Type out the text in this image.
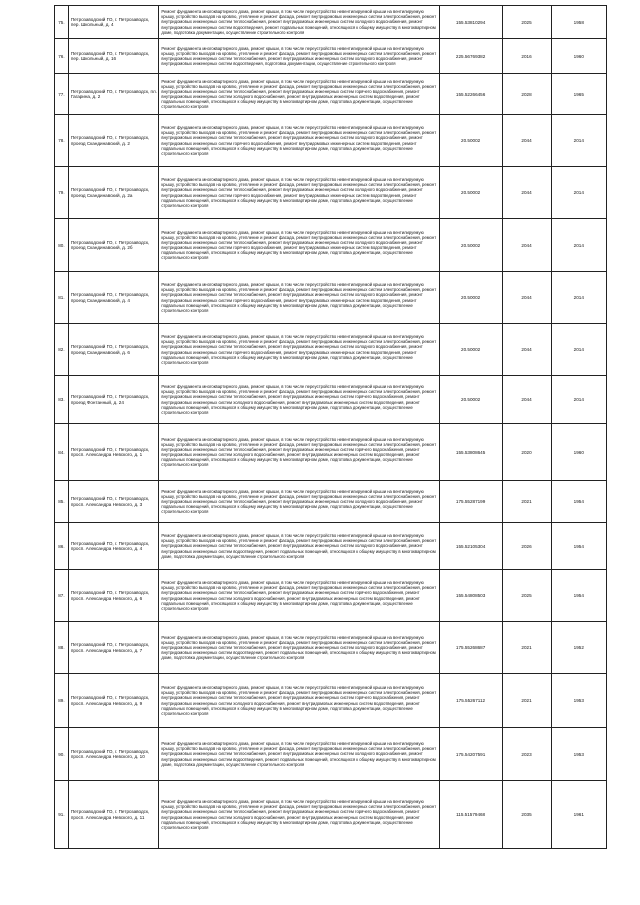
75.	Петрозаводский ГО, г. Петрозаводск, пер. Школьный, д. 4	Ремонт фундамента многоквартирного дома, ремонт крыши, в том числе переустройство невентилируемой крыши на вентилируемую крышу, устройство выходов на кровлю, утепление и ремонт фасада, ремонт внутридомовых инженерных систем электроснабжения, ремонт внутридомовых инженерных систем теплоснабжения, ремонт внутридомовых инженерных систем холодного водоснабжения, ремонт внутридомовых инженерных систем водоотведения, ремонт подвальных помещений, относящихся к общему имуществу в многоквартирном доме, подготовка документации, осуществление строительного контроля	155.53810294	2025	1958
76.	Петрозаводский ГО, г. Петрозаводск, пер. Школьный, д. 16	Ремонт фундамента многоквартирного дома, ремонт крыши, в том числе переустройство невентилируемой крыши на вентилируемую крышу, устройство выходов на кровлю, утепление и ремонт фасада, ремонт внутридомовых инженерных систем электроснабжения, ремонт внутридомовых инженерных систем теплоснабжения, ремонт внутридомовых инженерных систем холодного водоснабжения, ремонт внутридомовых инженерных систем водоотведения, подготовка документации, осуществление строительного контроля	225.56769382	2016	1960
77.	Петрозаводский ГО, г. Петрозаводск, пл. Гагарина, д. 2	Ремонт фундамента многоквартирного дома, ремонт крыши, в том числе переустройство невентилируемой крыши на вентилируемую крышу, устройство выходов на кровлю, утепление и ремонт фасада, ремонт внутридомовых инженерных систем электроснабжения, ремонт внутридомовых инженерных систем теплоснабжения, ремонт внутридомовых инженерных систем горячего водоснабжения, ремонт внутридомовых инженерных систем холодного водоснабжения, ремонт внутридомовых инженерных систем водоотведения, ремонт подвальных помещений, относящихся к общему имуществу в многоквартирном доме, подготовка документации, осуществление строительного контроля	155.52266456	2028	1965
78.	Петрозаводский ГО, г. Петрозаводск, проезд Скандинавский, д. 2	Ремонт фундамента многоквартирного дома, ремонт крыши, в том числе переустройство невентилируемой крыши на вентилируемую крышу, устройство выходов на кровлю, утепление и ремонт фасада, ремонт внутридомовых инженерных систем электроснабжения, ремонт внутридомовых инженерных систем теплоснабжения, ремонт внутридомовых инженерных систем холодного водоснабжения, ремонт внутридомовых инженерных систем горячего водоснабжения, ремонт внутридомовых инженерных систем водоотведения, ремонт подвальных помещений, относящихся к общему имуществу в многоквартирном доме, подготовка документации, осуществление строительного контроля	20.50002	2044	2014
79.	Петрозаводский ГО, г. Петрозаводск, проезд Скандинавский, д. 2а	Ремонт фундамента многоквартирного дома, ремонт крыши, в том числе переустройство невентилируемой крыши на вентилируемую крышу, устройство выходов на кровлю, утепление и ремонт фасада, ремонт внутридомовых инженерных систем электроснабжения, ремонт внутридомовых инженерных систем теплоснабжения, ремонт внутридомовых инженерных систем холодного водоснабжения, ремонт внутридомовых инженерных систем горячего водоснабжения, ремонт внутридомовых инженерных систем водоотведения, ремонт подвальных помещений, относящихся к общему имуществу в многоквартирном доме, подготовка документации, осуществление строительного контроля	20.50002	2044	2014
80.	Петрозаводский ГО, г. Петрозаводск, проезд Скандинавский, д. 2б	Ремонт фундамента многоквартирного дома, ремонт крыши, в том числе переустройство невентилируемой крыши на вентилируемую крышу, устройство выходов на кровлю, утепление и ремонт фасада, ремонт внутридомовых инженерных систем электроснабжения, ремонт внутридомовых инженерных систем теплоснабжения, ремонт внутридомовых инженерных систем холодного водоснабжения, ремонт внутридомовых инженерных систем горячего водоснабжения, ремонт внутридомовых инженерных систем водоотведения, ремонт подвальных помещений, относящихся к общему имуществу в многоквартирном доме, подготовка документации, осуществление строительного контроля	20.50002	2044	2014
81.	Петрозаводский ГО, г. Петрозаводск, проезд Скандинавский, д. 4	Ремонт фундамента многоквартирного дома, ремонт крыши, в том числе переустройство невентилируемой крыши на вентилируемую крышу, устройство выходов на кровлю, утепление и ремонт фасада, ремонт внутридомовых инженерных систем электроснабжения, ремонт внутридомовых инженерных систем теплоснабжения, ремонт внутридомовых инженерных систем холодного водоснабжения, ремонт внутридомовых инженерных систем горячего водоснабжения, ремонт внутридомовых инженерных систем водоотведения, ремонт подвальных помещений, относящихся к общему имуществу в многоквартирном доме, подготовка документации, осуществление строительного контроля	20.50002	2044	2014
82.	Петрозаводский ГО, г. Петрозаводск, проезд Скандинавский, д. 6	Ремонт фундамента многоквартирного дома, ремонт крыши, в том числе переустройство невентилируемой крыши на вентилируемую крышу, устройство выходов на кровлю, утепление и ремонт фасада, ремонт внутридомовых инженерных систем электроснабжения, ремонт внутридомовых инженерных систем теплоснабжения, ремонт внутридомовых инженерных систем холодного водоснабжения, ремонт внутридомовых инженерных систем горячего водоснабжения, ремонт внутридомовых инженерных систем водоотведения, ремонт подвальных помещений, относящихся к общему имуществу в многоквартирном доме, подготовка документации, осуществление строительного контроля	20.50002	2044	2014
83.	Петрозаводский ГО, г. Петрозаводск, проезд Фонтанный, д. 24	Ремонт фундамента многоквартирного дома, ремонт крыши, в том числе переустройство невентилируемой крыши на вентилируемую крышу, устройство выходов на кровлю, утепление и ремонт фасада, ремонт внутридомовых инженерных систем электроснабжения, ремонт внутридомовых инженерных систем теплоснабжения, ремонт внутридомовых инженерных систем горячего водоснабжения, ремонт внутридомовых инженерных систем холодного водоснабжения, ремонт внутридомовых инженерных систем водоотведения, ремонт подвальных помещений, относящихся к общему имуществу в многоквартирном доме, подготовка документации, осуществление строительного контроля	20.50002	2044	2014
84.	Петрозаводский ГО, г. Петрозаводск, просп. Александра Невского, д. 1	Ремонт фундамента многоквартирного дома, ремонт крыши, в том числе переустройство невентилируемой крыши на вентилируемую крышу, устройство выходов на кровлю, утепление и ремонт фасада, ремонт внутридомовых инженерных систем электроснабжения, ремонт внутридомовых инженерных систем теплоснабжения, ремонт внутридомовых инженерных систем горячего водоснабжения, ремонт внутридомовых инженерных систем холодного водоснабжения, ремонт внутридомовых инженерных систем водоотведения, ремонт подвальных помещений, относящихся к общему имуществу в многоквартирном доме, подготовка документации, осуществление строительного контроля	155.53808645	2020	1960
85.	Петрозаводский ГО, г. Петрозаводск, просп. Александра Невского, д. 3	Ремонт фундамента многоквартирного дома, ремонт крыши, в том числе переустройство невентилируемой крыши на вентилируемую крышу, устройство выходов на кровлю, утепление и ремонт фасада, ремонт внутридомовых инженерных систем электроснабжения, ремонт внутридомовых инженерных систем теплоснабжения, ремонт внутридомовых инженерных систем холодного водоснабжения, ремонт подвальных помещений, относящихся к общему имуществу в многоквартирном доме, подготовка документации, осуществление строительного контроля	175.55287199	2021	1954
86.	Петрозаводский ГО, г. Петрозаводск, просп. Александра Невского, д. 4	Ремонт фундамента многоквартирного дома, ремонт крыши, в том числе переустройство невентилируемой крыши на вентилируемую крышу, устройство выходов на кровлю, утепление и ремонт фасада, ремонт внутридомовых инженерных систем электроснабжения, ремонт внутридомовых инженерных систем теплоснабжения, ремонт внутридомовых инженерных систем холодного водоснабжения, ремонт внутридомовых инженерных систем водоотведения, ремонт подвальных помещений, относящихся к общему имуществу в многоквартирном доме, подготовка документации, осуществление строительного контроля	155.52105304	2026	1954
87.	Петрозаводский ГО, г. Петрозаводск, просп. Александра Невского, д. 6	Ремонт фундамента многоквартирного дома, ремонт крыши, в том числе переустройство невентилируемой крыши на вентилируемую крышу, устройство выходов на кровлю, утепление и ремонт фасада, ремонт внутридомовых инженерных систем электроснабжения, ремонт внутридомовых инженерных систем теплоснабжения, ремонт внутридомовых инженерных систем горячего водоснабжения, ремонт внутридомовых инженерных систем холодного водоснабжения, ремонт внутридомовых инженерных систем водоотведения, ремонт подвальных помещений, относящихся к общему имуществу в многоквартирном доме, подготовка документации, осуществление строительного контроля	155.54808503	2025	1954
88.	Петрозаводский ГО, г. Петрозаводск, просп. Александра Невского, д. 7	Ремонт фундамента многоквартирного дома, ремонт крыши, в том числе переустройство невентилируемой крыши на вентилируемую крышу, устройство выходов на кровлю, утепление и ремонт фасада, ремонт внутридомовых инженерных систем электроснабжения, ремонт внутридомовых инженерных систем теплоснабжения, ремонт внутридомовых инженерных систем холодного водоснабжения, ремонт внутридомовых инженерных систем водоотведения, ремонт подвальных помещений, относящихся к общему имуществу в многоквартирном доме, подготовка документации, осуществление строительного контроля	175.55268687	2021	1952
89.	Петрозаводский ГО, г. Петрозаводск, просп. Александра Невского, д. 9	Ремонт фундамента многоквартирного дома, ремонт крыши, в том числе переустройство невентилируемой крыши на вентилируемую крышу, устройство выходов на кровлю, утепление и ремонт фасада, ремонт внутридомовых инженерных систем электроснабжения, ремонт внутридомовых инженерных систем теплоснабжения, ремонт внутридомовых инженерных систем горячего водоснабжения, ремонт внутридомовых инженерных систем холодного водоснабжения, ремонт внутридомовых инженерных систем водоотведения, ремонт подвальных помещений, относящихся к общему имуществу в многоквартирном доме, подготовка документации, осуществление строительного контроля	175.55267112	2021	1953
90.	Петрозаводский ГО, г. Петрозаводск, просп. Александра Невского, д. 10	Ремонт фундамента многоквартирного дома, ремонт крыши, в том числе переустройство невентилируемой крыши на вентилируемую крышу, устройство выходов на кровлю, утепление и ремонт фасада, ремонт внутридомовых инженерных систем электроснабжения, ремонт внутридомовых инженерных систем теплоснабжения, ремонт внутридомовых инженерных систем холодного водоснабжения, ремонт внутридомовых инженерных систем водоотведения, ремонт подвальных помещений, относящихся к общему имуществу в многоквартирном доме, подготовка документации, осуществление строительного контроля	175.54207591	2023	1953
91.	Петрозаводский ГО, г. Петрозаводск, просп. Александра Невского, д. 11	Ремонт фундамента многоквартирного дома, ремонт крыши, в том числе переустройство невентилируемой крыши на вентилируемую крышу, устройство выходов на кровлю, утепление и ремонт фасада, ремонт внутридомовых инженерных систем электроснабжения, ремонт внутридомовых инженерных систем теплоснабжения, ремонт внутридомовых инженерных систем горячего водоснабжения, ремонт внутридомовых инженерных систем холодного водоснабжения, ремонт внутридомовых инженерных систем водоотведения, ремонт подвальных помещений, относящихся к общему имуществу в многоквартирном доме, подготовка документации, осуществление строительного контроля	115.51579468	2035	1961
